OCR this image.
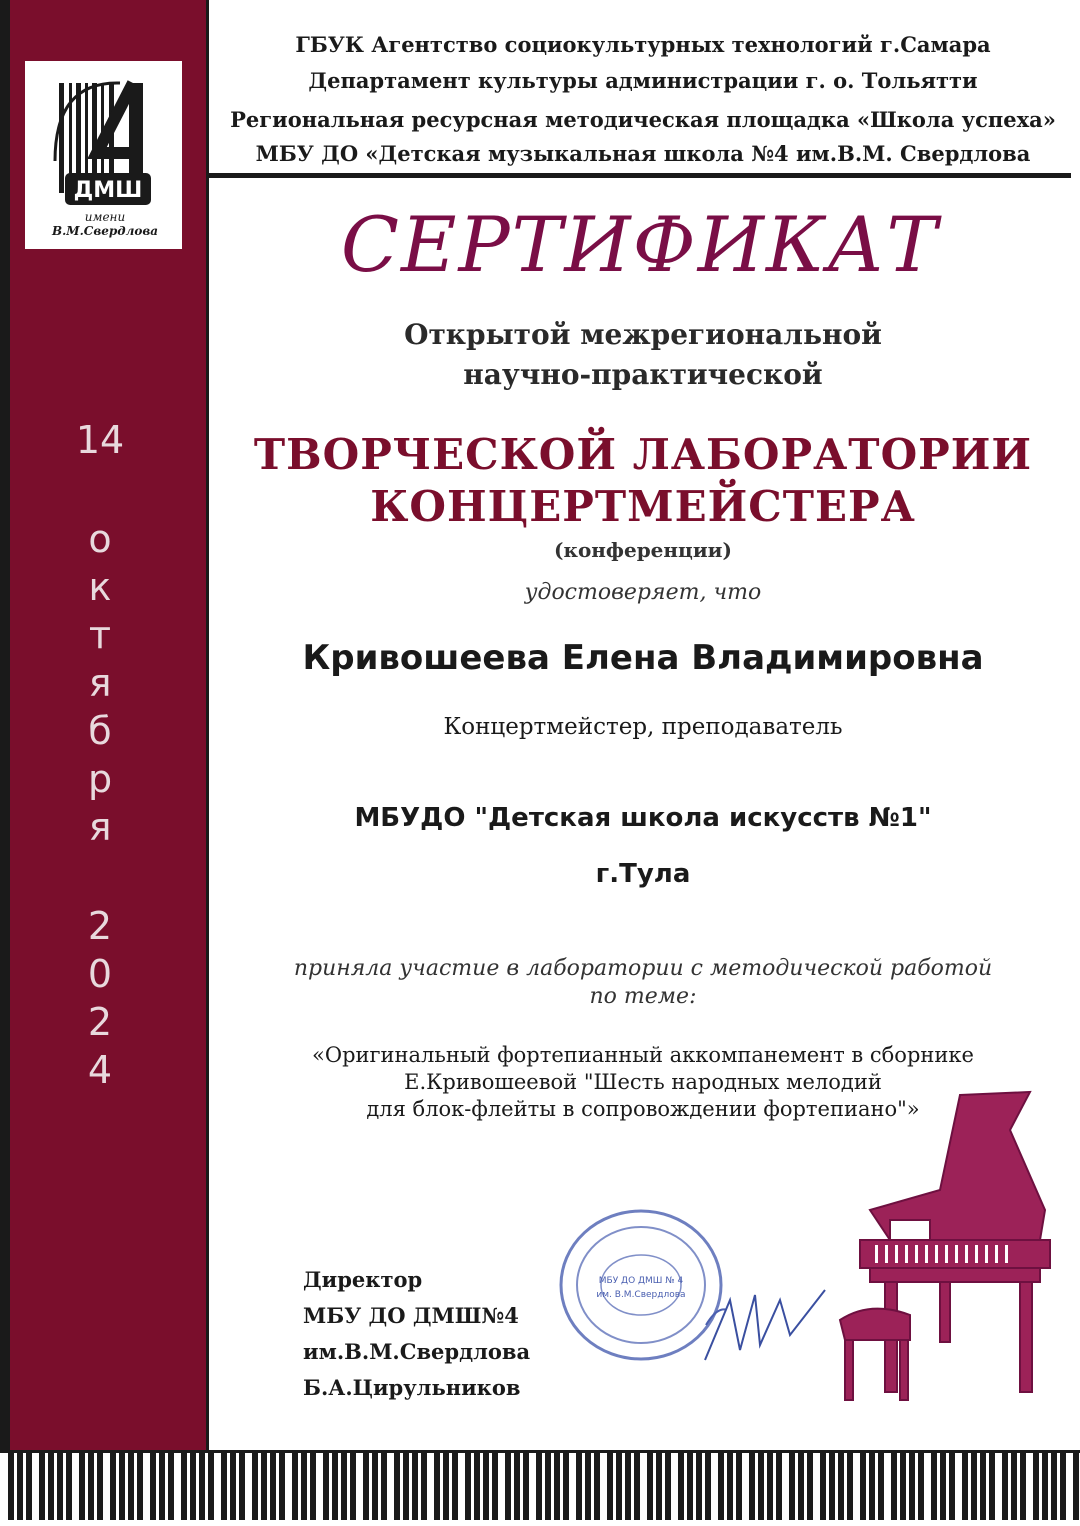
ДМШ
имени
В.М.Свердлова
14
о
к
т
я
б
р
я
2
0
2
4
ГБУК Агентство социокультурных технологий г.Самара
Департамент культуры администрации г. о. Тольятти
Региональная ресурсная методическая площадка «Школа успеха»
МБУ ДО «Детская музыкальная школа №4 им.В.М. Свердлова
СЕРТИФИКАТ
Открытой межрегиональной
научно-практической
ТВОРЧЕСКОЙ ЛАБОРАТОРИИ
КОНЦЕРТМЕЙСТЕРА
(конференции)
удостоверяет, что
Кривошеева Елена Владимировна
Концертмейстер, преподаватель
МБУДО "Детская школа искусств №1"
г.Тула
приняла участие в лаборатории с методической работой
по теме:
«Оригинальный фортепианный аккомпанемент в сборнике
Е.Кривошеевой "Шесть народных мелодий
для блок-флейты в сопровождении фортепиано"»
Директор
МБУ ДО ДМШ№4
им.В.М.Свердлова
Б.А.Цирульников
МБУ ДО ДМШ № 4
им. В.М.Свердлова
